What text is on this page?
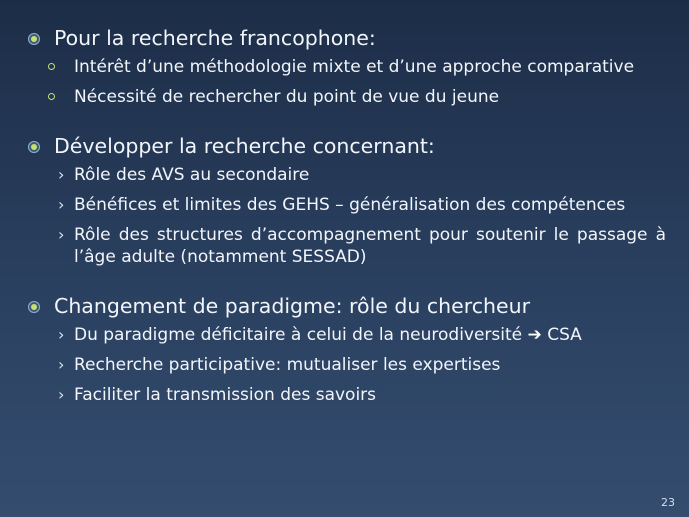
Pour la recherche francophone:
Intérêt d’une méthodologie mixte et d’une approche comparative
Nécessité de rechercher du point de vue du jeune
Développer la recherche concernant:
› Rôle des AVS au secondaire
› Bénéfices et limites des GEHS – généralisation des compétences
› Rôle des structures d’accompagnement pour soutenir le passage à l’âge adulte (notamment SESSAD)
Changement de paradigme: rôle du chercheur
› Du paradigme déficitaire à celui de la neurodiversité ➔ CSA
› Recherche participative: mutualiser les expertises
› Faciliter la transmission des savoirs
23
